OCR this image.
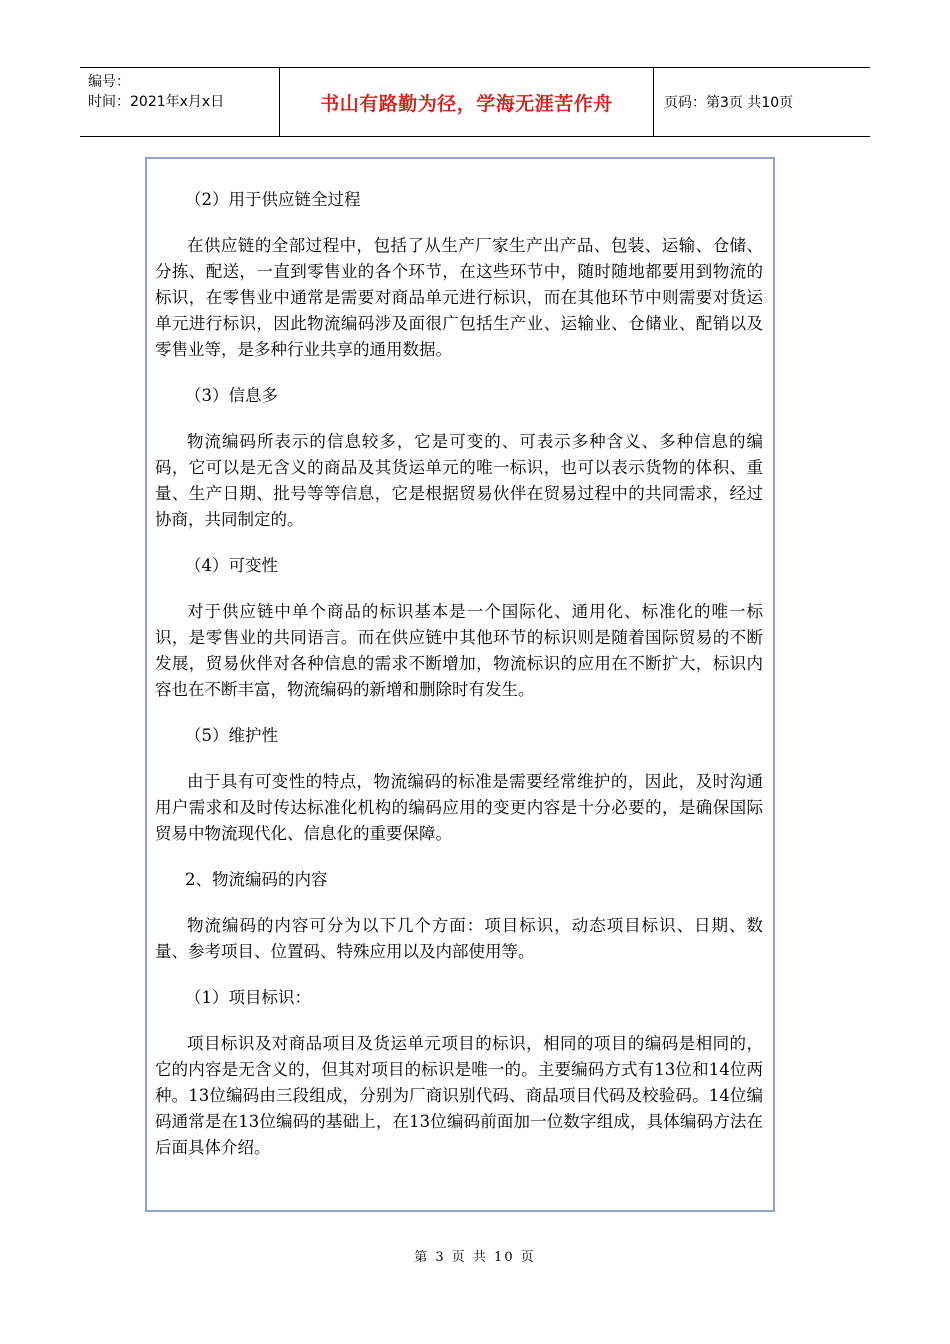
编号：
时间：2021年x月x日	书山有路勤为径，学海无涯苦作舟	页码：第3页 共10页

（2）用于供应链全过程

在供应链的全部过程中，包括了从生产厂家生产出产品、包装、运输、仓储、分拣、配送，一直到零售业的各个环节，在这些环节中，随时随地都要用到物流的标识，在零售业中通常是需要对商品单元进行标识，而在其他环节中则需要对货运单元进行标识，因此物流编码涉及面很广包括生产业、运输业、仓储业、配销以及零售业等，是多种行业共享的通用数据。

（3）信息多

物流编码所表示的信息较多，它是可变的、可表示多种含义、多种信息的编码，它可以是无含义的商品及其货运单元的唯一标识，也可以表示货物的体积、重量、生产日期、批号等等信息，它是根据贸易伙伴在贸易过程中的共同需求，经过协商，共同制定的。

（4）可变性

对于供应链中单个商品的标识基本是一个国际化、通用化、标准化的唯一标识，是零售业的共同语言。而在供应链中其他环节的标识则是随着国际贸易的不断发展，贸易伙伴对各种信息的需求不断增加，物流标识的应用在不断扩大，标识内容也在不断丰富，物流编码的新增和删除时有发生。

（5）维护性

由于具有可变性的特点，物流编码的标准是需要经常维护的，因此，及时沟通用户需求和及时传达标准化机构的编码应用的变更内容是十分必要的，是确保国际贸易中物流现代化、信息化的重要保障。

2、物流编码的内容

物流编码的内容可分为以下几个方面：项目标识，动态项目标识、日期、数量、参考项目、位置码、特殊应用以及内部使用等。

（1）项目标识：

项目标识及对商品项目及货运单元项目的标识，相同的项目的编码是相同的，它的内容是无含义的，但其对项目的标识是唯一的。主要编码方式有13位和14位两种。13位编码由三段组成，分别为厂商识别代码、商品项目代码及校验码。14位编码通常是在13位编码的基础上，在13位编码前面加一位数字组成，具体编码方法在后面具体介绍。

第 3 页 共 10 页
